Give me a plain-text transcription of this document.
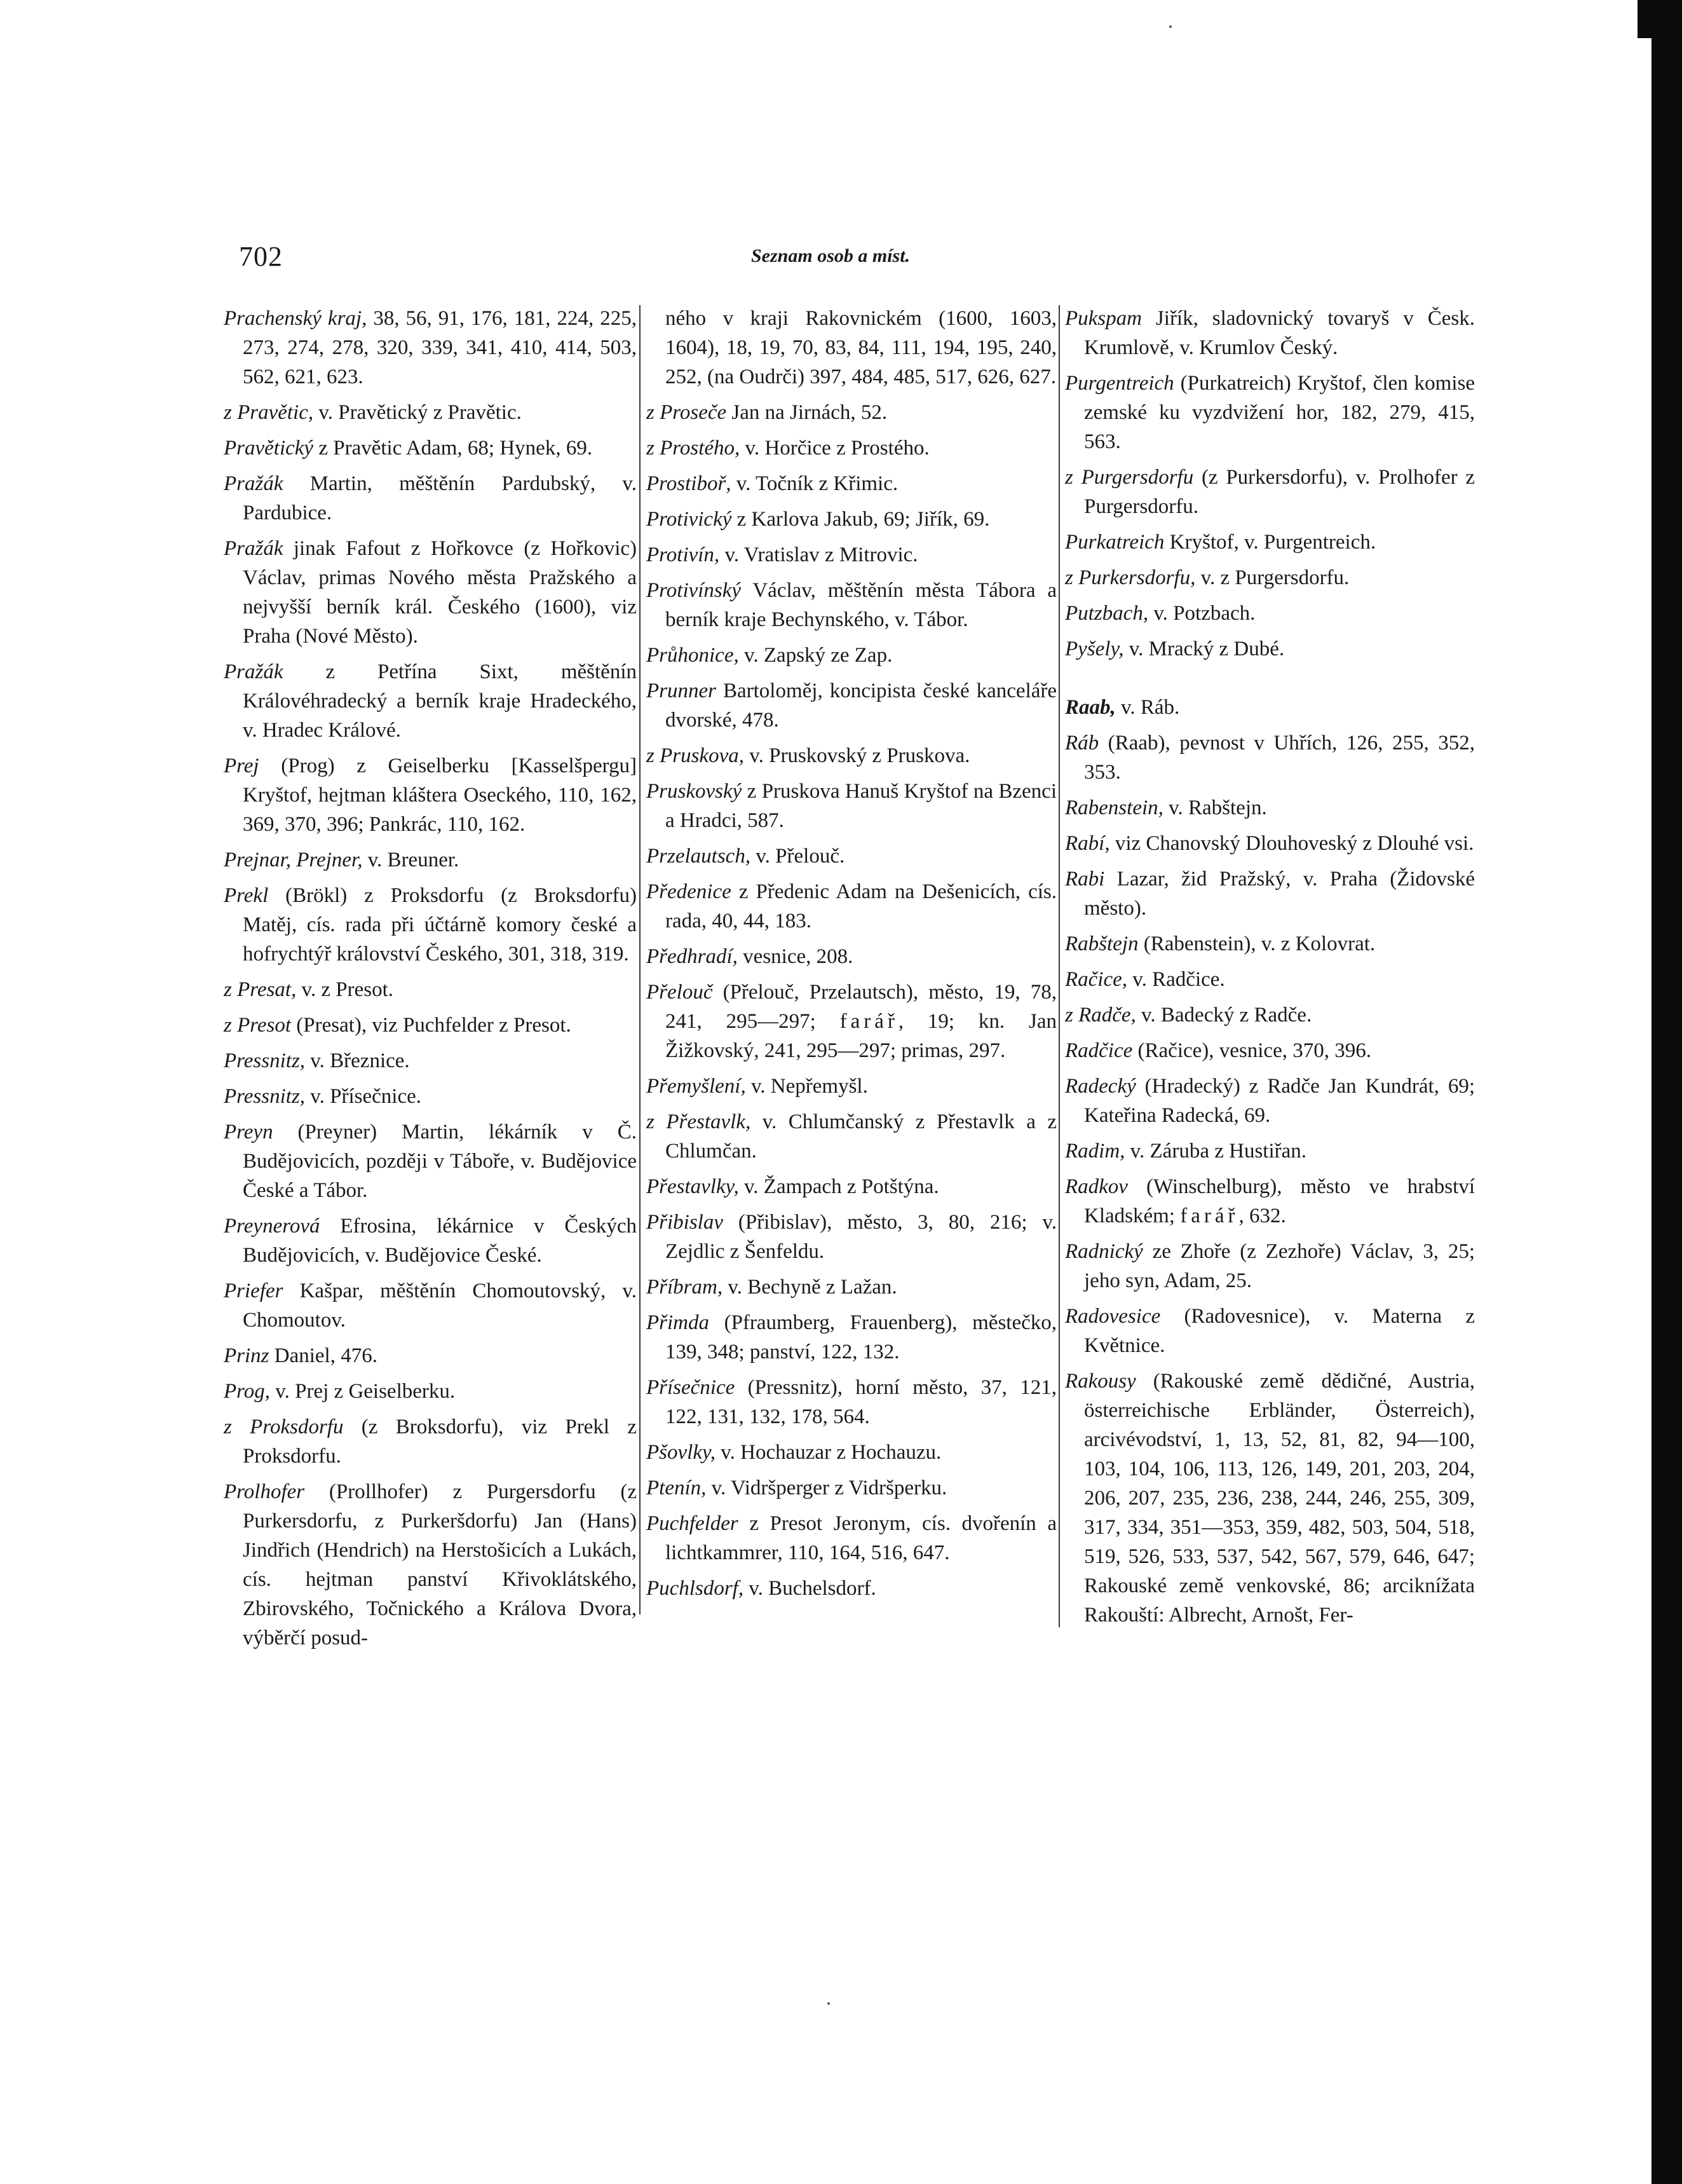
702	Seznam osob a míst.

Prachenský kraj, 38, 56, 91, 176, 181, 224, 225, 273, 274, 278, 320, 339, 341, 410, 414, 503, 562, 621, 623.

z Pravětic, v. Pravětický z Pravětic.

Pravětický z Pravětic Adam, 68; Hynek, 69.

Pražák Martin, měštěnín Pardubský, v. Pardubice.

Pražák jinak Fafout z Hořkovce (z Hořkovic) Václav, primas Nového města Pražského a nejvyšší berník král. Českého (1600), viz Praha (Nové Město).

Pražák z Petřína Sixt, měštěnín Královéhradecký a berník kraje Hradeckého, v. Hradec Králové.

Prej (Prog) z Geiselberku [Kasselšpergu] Kryštof, hejtman kláštera Oseckého, 110, 162, 369, 370, 396; Pankrác, 110, 162.

Prejnar, Prejner, v. Breuner.

Prekl (Brökl) z Proksdorfu (z Broksdorfu) Matěj, cís. rada při účtárně komory české a hofrychtýř království Českého, 301, 318, 319.

z Presat, v. z Presot.

z Presot (Presat), viz Puchfelder z Presot.

Pressnitz, v. Březnice.

Pressnitz, v. Přísečnice.

Preyn (Preyner) Martin, lékárník v Č. Budějovicích, později v Táboře, v. Budějovice České a Tábor.

Preynerová Efrosina, lékárnice v Českých Budějovicích, v. Budějovice České.

Priefer Kašpar, měštěnín Chomoutovský, v. Chomoutov.

Prinz Daniel, 476.

Prog, v. Prej z Geiselberku.

z Proksdorfu (z Broksdorfu), viz Prekl z Proksdorfu.

Prolhofer (Prollhofer) z Purgersdorfu (z Purkersdorfu, z Purkeršdorfu) Jan (Hans) Jindřich (Hendrich) na Herstošicích a Lukách, cís. hejtman panství Křivoklátského, Zbirovského, Točnického a Králova Dvora, výběrčí posud-

ného v kraji Rakovnickém (1600, 1603, 1604), 18, 19, 70, 83, 84, 111, 194, 195, 240, 252, (na Oudrči) 397, 484, 485, 517, 626, 627.

z Proseče Jan na Jirnách, 52.

z Prostého, v. Horčice z Prostého.

Prostiboř, v. Točník z Křimic.

Protivický z Karlova Jakub, 69; Jiřík, 69.

Protivín, v. Vratislav z Mitrovic.

Protivínský Václav, měštěnín města Tábora a berník kraje Bechynského, v. Tábor.

Průhonice, v. Zapský ze Zap.

Prunner Bartoloměj, koncipista české kanceláře dvorské, 478.

z Pruskova, v. Pruskovský z Pruskova.

Pruskovský z Pruskova Hanuš Kryštof na Bzenci a Hradci, 587.

Przelautsch, v. Přelouč.

Předenice z Předenic Adam na Dešenicích, cís. rada, 40, 44, 183.

Předhradí, vesnice, 208.

Přelouč (Přelouč, Przelautsch), město, 19, 78, 241, 295—297; farář, 19; kn. Jan Žižkovský, 241, 295—297; primas, 297.

Přemyšlení, v. Nepřemyšl.

z Přestavlk, v. Chlumčanský z Přestavlk a z Chlumčan.

Přestavlky, v. Žampach z Potštýna.

Přibislav (Přibislav), město, 3, 80, 216; v. Zejdlic z Šenfeldu.

Příbram, v. Bechyně z Lažan.

Přimda (Pfraumberg, Frauenberg), městečko, 139, 348; panství, 122, 132.

Přísečnice (Pressnitz), horní město, 37, 121, 122, 131, 132, 178, 564.

Pšovlky, v. Hochauzar z Hochauzu.

Ptenín, v. Vidršperger z Vidršperku.

Puchfelder z Presot Jeronym, cís. dvořenín a lichtkammrer, 110, 164, 516, 647.

Puchlsdorf, v. Buchelsdorf.

Pukspam Jiřík, sladovnický tovaryš v Česk. Krumlově, v. Krumlov Český.

Purgentreich (Purkatreich) Kryštof, člen komise zemské ku vyzdvižení hor, 182, 279, 415, 563.

z Purgersdorfu (z Purkersdorfu), v. Prolhofer z Purgersdorfu.

Purkatreich Kryštof, v. Purgentreich.

z Purkersdorfu, v. z Purgersdorfu.

Putzbach, v. Potzbach.

Pyšely, v. Mracký z Dubé.

Raab, v. Ráb.

Ráb (Raab), pevnost v Uhřích, 126, 255, 352, 353.

Rabenstein, v. Rabštejn.

Rabí, viz Chanovský Dlouhoveský z Dlouhé vsi.

Rabi Lazar, žid Pražský, v. Praha (Židovské město).

Rabštejn (Rabenstein), v. z Kolovrat.

Račice, v. Radčice.

z Radče, v. Badecký z Radče.

Radčice (Račice), vesnice, 370, 396.

Radecký (Hradecký) z Radče Jan Kundrát, 69; Kateřina Radecká, 69.

Radim, v. Záruba z Hustiřan.

Radkov (Winschelburg), město ve hrabství Kladském; farář, 632.

Radnický ze Zhoře (z Zezhoře) Václav, 3, 25; jeho syn, Adam, 25.

Radovesice (Radovesnice), v. Materna z Květnice.

Rakousy (Rakouské země dědičné, Austria, österreichische Erbländer, Österreich), arcivévodství, 1, 13, 52, 81, 82, 94—100, 103, 104, 106, 113, 126, 149, 201, 203, 204, 206, 207, 235, 236, 238, 244, 246, 255, 309, 317, 334, 351—353, 359, 482, 503, 504, 518, 519, 526, 533, 537, 542, 567, 579, 646, 647; Rakouské země venkovské, 86; arciknížata Rakouští: Albrecht, Arnošt, Fer-
